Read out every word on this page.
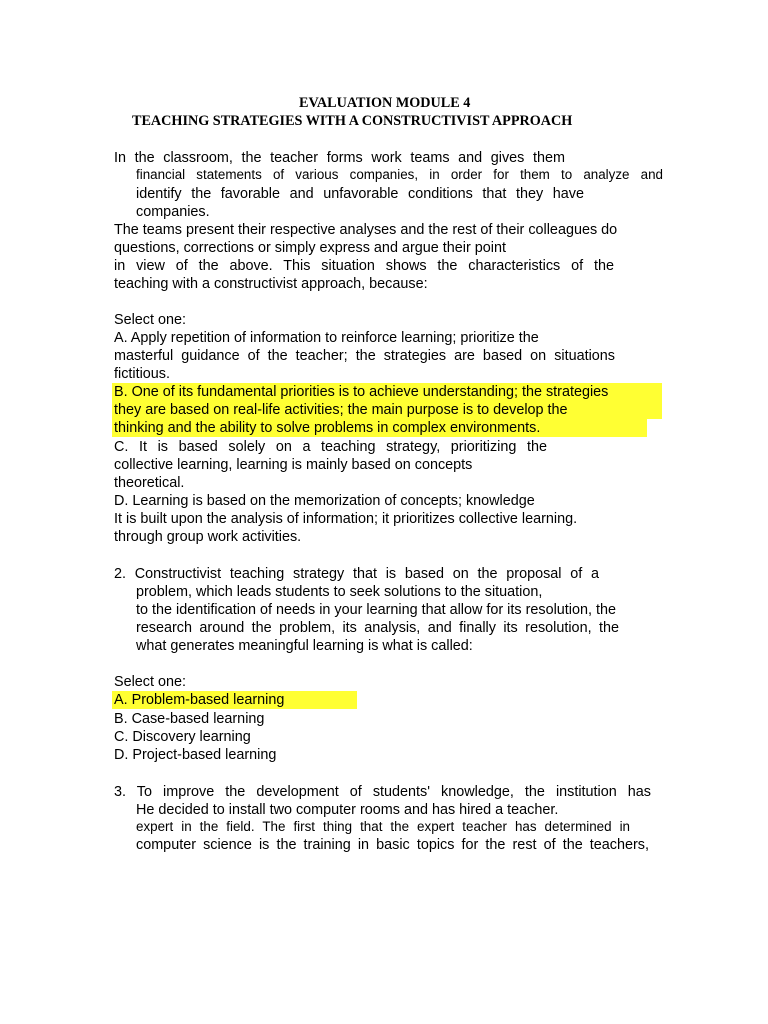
EVALUATION MODULE 4
TEACHING STRATEGIES WITH A CONSTRUCTIVIST APPROACH
In the classroom, the teacher forms work teams and gives them
financial statements of various companies, in order for them to analyze and
identify the favorable and unfavorable conditions that they have
companies.
The teams present their respective analyses and the rest of their colleagues do
questions, corrections or simply express and argue their point
in view of the above. This situation shows the characteristics of the
teaching with a constructivist approach, because:
Select one:
A. Apply repetition of information to reinforce learning; prioritize the
masterful guidance of the teacher; the strategies are based on situations
fictitious.
B. One of its fundamental priorities is to achieve understanding; the strategies
they are based on real-life activities; the main purpose is to develop the
thinking and the ability to solve problems in complex environments.
C. It is based solely on a teaching strategy, prioritizing the
collective learning, learning is mainly based on concepts
theoretical.
D. Learning is based on the memorization of concepts; knowledge
It is built upon the analysis of information; it prioritizes collective learning.
through group work activities.
2. Constructivist teaching strategy that is based on the proposal of a
problem, which leads students to seek solutions to the situation,
to the identification of needs in your learning that allow for its resolution, the
research around the problem, its analysis, and finally its resolution, the
what generates meaningful learning is what is called:
Select one:
A. Problem-based learning
B. Case-based learning
C. Discovery learning
D. Project-based learning
3. To improve the development of students' knowledge, the institution has
He decided to install two computer rooms and has hired a teacher.
expert in the field. The first thing that the expert teacher has determined in
computer science is the training in basic topics for the rest of the teachers,
